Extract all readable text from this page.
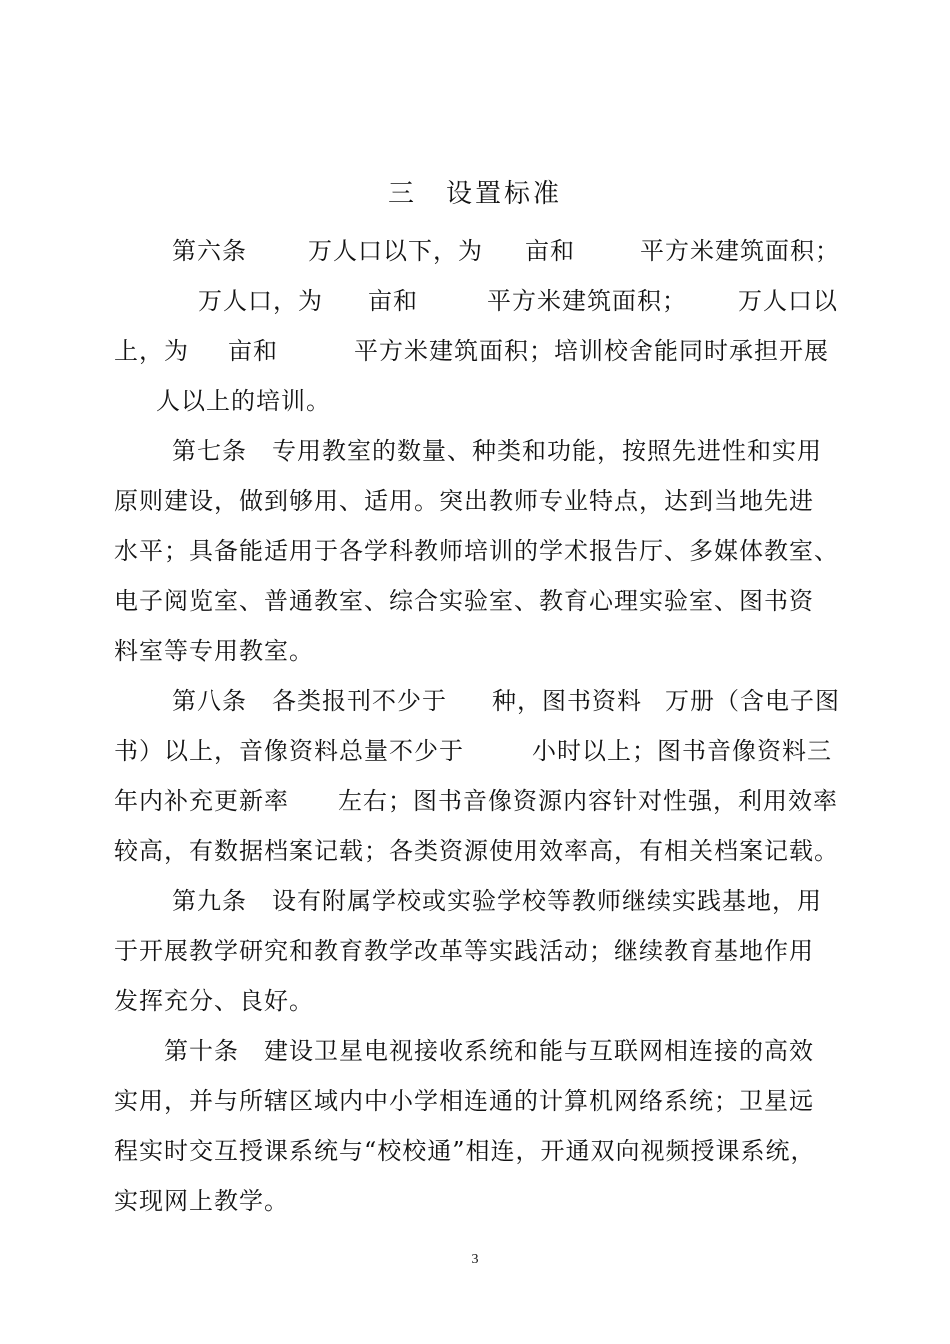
三　设置标准

第六条

	万人口以下，为

亩和

	平方米建筑面积；

万人口，为

亩和

	平方米建筑面积；

万人口以

上，为

亩和

	平方米建筑面积；培训校舍能同时承担开展

人以上的培训。

第七条　专用教室的数量、种类和功能，按照先进性和实用

原则建设，做到够用、适用。突出教师专业特点，达到当地先进

水平；具备能适用于各学科教师培训的学术报告厅、多媒体教室、

电子阅览室、普通教室、综合实验室、教育心理实验室、图书资

料室等专用教室。

第八条　各类报刊不少于

种，图书资料

万册（含电子图

书）以上，音像资料总量不少于

	小时以上；图书音像资料三

年内补充更新率

左右；图书音像资源内容针对性强，利用效率

较高，有数据档案记载；各类资源使用效率高，有相关档案记载。

第九条　设有附属学校或实验学校等教师继续实践基地，用

于开展教学研究和教育教学改革等实践活动；继续教育基地作用

发挥充分、良好。

第十条　建设卫星电视接收系统和能与互联网相连接的高效

实用，并与所辖区域内中小学相连通的计算机网络系统；卫星远

程实时交互授课系统与“校校通”相连，开通双向视频授课系统，

实现网上教学。

3
